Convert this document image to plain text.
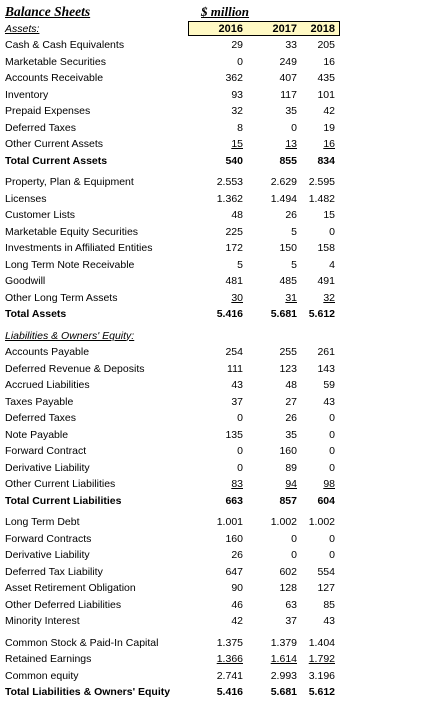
Balance Sheets	$ million
Assets:	2016	2017	2018
Cash & Cash Equivalents	29	33	205
Marketable Securities	0	249	16
Accounts Receivable	362	407	435
Inventory	93	117	101
Prepaid Expenses	32	35	42
Deferred Taxes	8	0	19
Other Current Assets	15	13	16
Total Current Assets	540	855	834
Property, Plan & Equipment	2.553	2.629	2.595
Licenses	1.362	1.494	1.482
Customer Lists	48	26	15
Marketable Equity Securities	225	5	0
Investments in Affiliated Entities	172	150	158
Long Term Note Receivable	5	5	4
Goodwill	481	485	491
Other Long Term Assets	30	31	32
Total Assets	5.416	5.681	5.612
Liabilities & Owners' Equity:
Accounts Payable	254	255	261
Deferred Revenue & Deposits	111	123	143
Accrued Liabilities	43	48	59
Taxes Payable	37	27	43
Deferred Taxes	0	26	0
Note Payable	135	35	0
Forward Contract	0	160	0
Derivative Liability	0	89	0
Other Current Liabilities	83	94	98
Total Current Liabilities	663	857	604
Long Term Debt	1.001	1.002	1.002
Forward Contracts	160	0	0
Derivative Liability	26	0	0
Deferred Tax Liability	647	602	554
Asset Retirement Obligation	90	128	127
Other Deferred Liabilities	46	63	85
Minority Interest	42	37	43
Common Stock & Paid-In Capital	1.375	1.379	1.404
Retained Earnings	1.366	1.614	1.792
Common equity	2.741	2.993	3.196
Total Liabilities & Owners' Equity	5.416	5.681	5.612
